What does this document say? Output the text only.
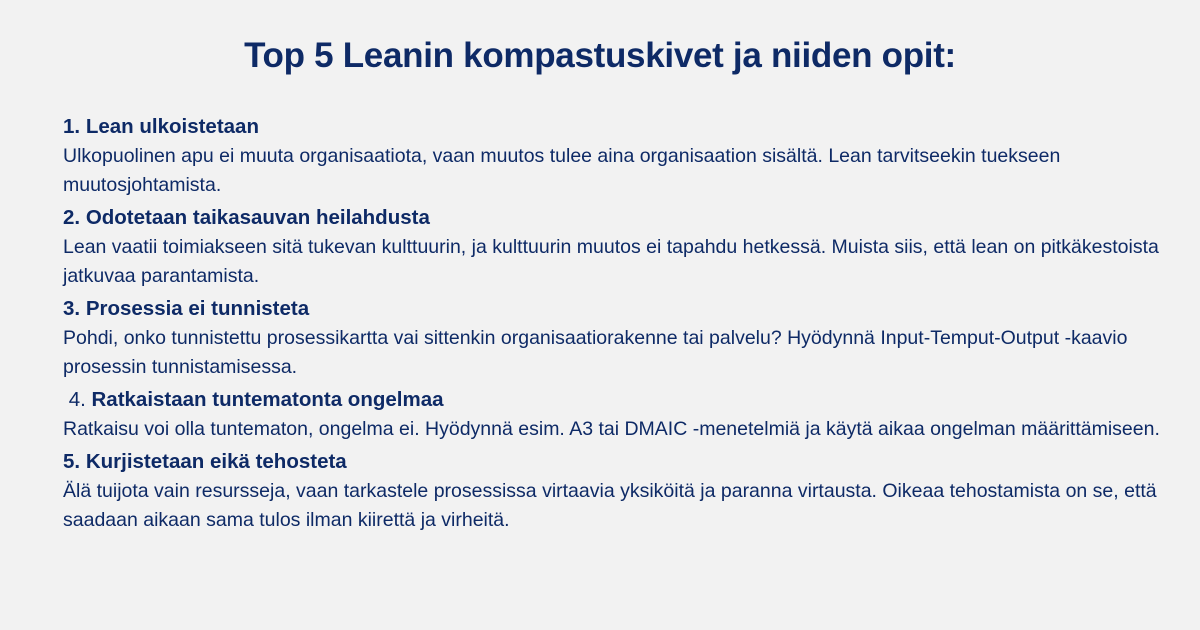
Top 5 Leanin kompastuskivet ja niiden opit:
1. Lean ulkoistetaan
Ulkopuolinen apu ei muuta organisaatiota, vaan muutos tulee aina organisaation sisältä. Lean tarvitseekin tuekseen muutosjohtamista.
2. Odotetaan taikasauvan heilahdusta
Lean vaatii toimiakseen sitä tukevan kulttuurin, ja kulttuurin muutos ei tapahdu hetkessä. Muista siis, että lean on pitkäkestoista jatkuvaa parantamista.
3. Prosessia ei tunnisteta
Pohdi, onko tunnistettu prosessikartta vai sittenkin organisaatiorakenne tai palvelu? Hyödynnä Input-Temput-Output -kaavio prosessin tunnistamisessa.
4. Ratkaistaan tuntematonta ongelmaa
Ratkaisu voi olla tuntematon, ongelma ei. Hyödynnä esim. A3 tai DMAIC -menetelmiä ja käytä aikaa ongelman määrittämiseen.
5. Kurjistetaan eikä tehosteta
Älä tuijota vain resursseja, vaan tarkastele prosessissa virtaavia yksiköitä ja paranna virtausta. Oikeaa tehostamista on se, että saadaan aikaan sama tulos ilman kiirettä ja virheitä.
